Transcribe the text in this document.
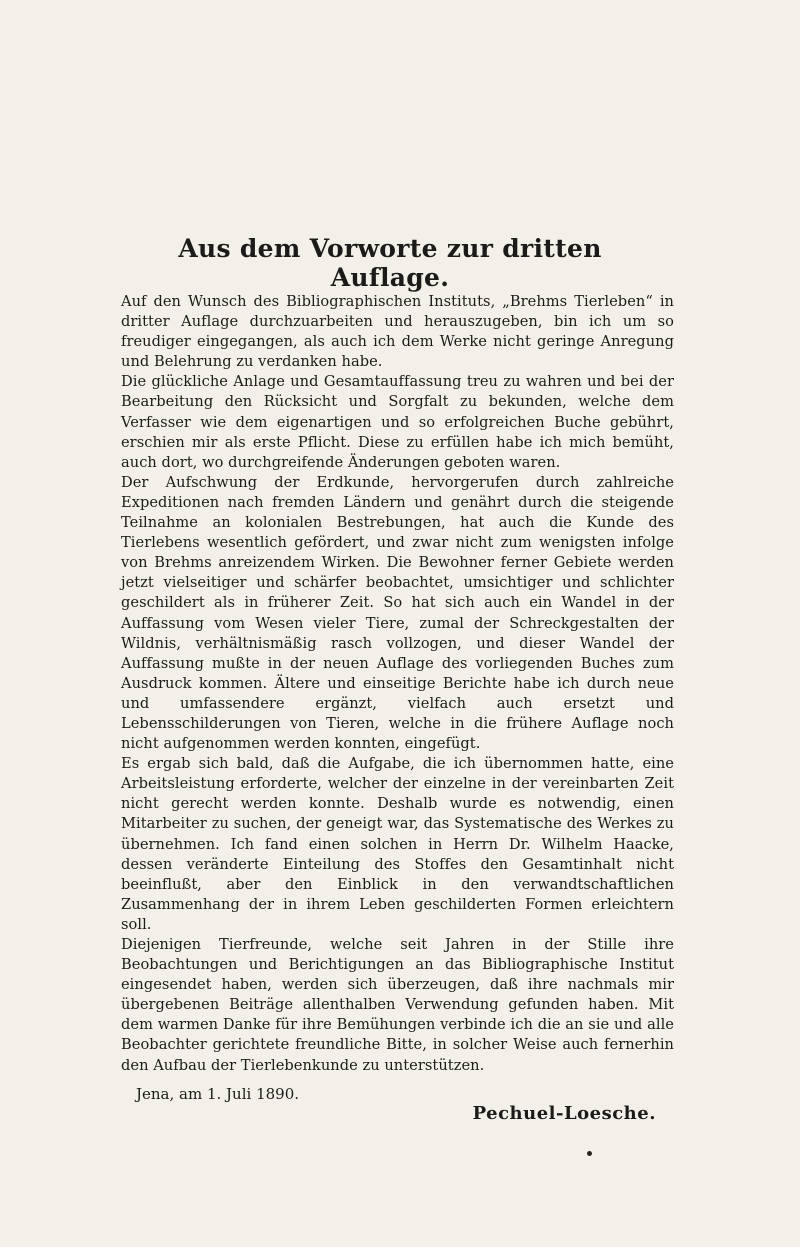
Aus dem Vorworte zur dritten Auflage.

Auf den Wunsch des Bibliographischen Instituts, „Brehms Tierleben“ in dritter Auflage durchzuarbeiten und herauszugeben, bin ich um so freudiger eingegangen, als auch ich dem Werke nicht geringe Anregung und Belehrung zu verdanken habe.

Die glückliche Anlage und Gesamtauffassung treu zu wahren und bei der Bearbeitung den Rücksicht und Sorgfalt zu bekunden, welche dem Verfasser wie dem eigenartigen und so erfolgreichen Buche gebührt, erschien mir als erste Pflicht. Diese zu erfüllen habe ich mich bemüht, auch dort, wo durchgreifende Änderungen geboten waren.

Der Aufschwung der Erdkunde, hervorgerufen durch zahlreiche Expeditionen nach fremden Ländern und genährt durch die steigende Teilnahme an kolonialen Bestrebungen, hat auch die Kunde des Tierlebens wesentlich gefördert, und zwar nicht zum wenigsten infolge von Brehms anreizendem Wirken. Die Bewohner ferner Gebiete werden jetzt vielseitiger und schärfer beobachtet, umsichtiger und schlichter geschildert als in früherer Zeit. So hat sich auch ein Wandel in der Auffassung vom Wesen vieler Tiere, zumal der Schreckgestalten der Wildnis, verhältnismäßig rasch vollzogen, und dieser Wandel der Auffassung mußte in der neuen Auflage des vorliegenden Buches zum Ausdruck kommen. Ältere und einseitige Berichte habe ich durch neue und umfassendere ergänzt, vielfach auch ersetzt und Lebensschilderungen von Tieren, welche in die frühere Auflage noch nicht aufgenommen werden konnten, eingefügt.

Es ergab sich bald, daß die Aufgabe, die ich übernommen hatte, eine Arbeitsleistung erforderte, welcher der einzelne in der vereinbarten Zeit nicht gerecht werden konnte. Deshalb wurde es notwendig, einen Mitarbeiter zu suchen, der geneigt war, das Systematische des Werkes zu übernehmen. Ich fand einen solchen in Herrn Dr. Wilhelm Haacke, dessen veränderte Einteilung des Stoffes den Gesamtinhalt nicht beeinflußt, aber den Einblick in den verwandtschaftlichen Zusammenhang der in ihrem Leben geschilderten Formen erleichtern soll.

Diejenigen Tierfreunde, welche seit Jahren in der Stille ihre Beobachtungen und Berichtigungen an das Bibliographische Institut eingesendet haben, werden sich überzeugen, daß ihre nachmals mir übergebenen Beiträge allenthalben Verwendung gefunden haben. Mit dem warmen Danke für ihre Bemühungen verbinde ich die an sie und alle Beobachter gerichtete freundliche Bitte, in solcher Weise auch fernerhin den Aufbau der Tierlebenkunde zu unterstützen.

Jena, am 1. Juli 1890.
Pechuel-Loesche.
